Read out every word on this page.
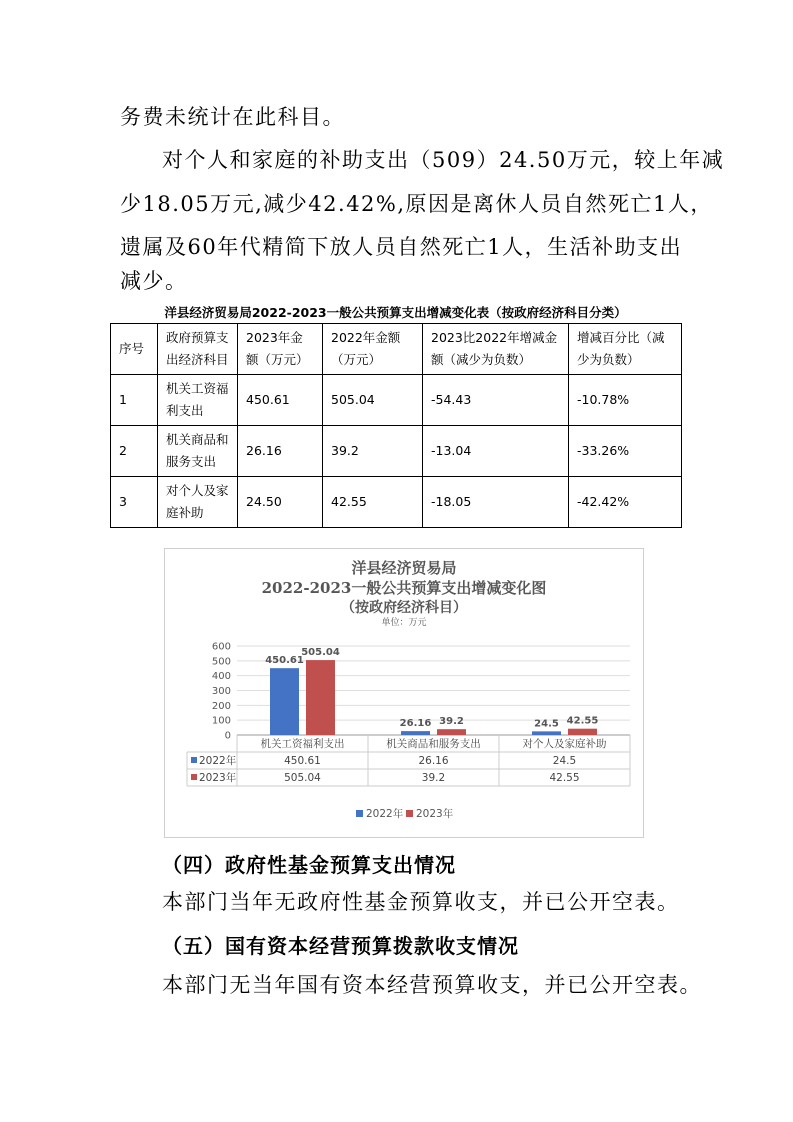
务费未统计在此科目。
对个人和家庭的补助支出（509）24.50万元，较上年减
少18.05万元,减少42.42%,原因是离休人员自然死亡1人，
遗属及60年代精简下放人员自然死亡1人，生活补助支出
减少。
洋县经济贸易局2022-2023一般公共预算支出增减变化表（按政府经济科目分类）
序号	政府预算支出经济科目	2023年金额（万元）	2022年金额（万元）	2023比2022年增减金额（减少为负数）	增减百分比（减少为负数）
1	机关工资福利支出	450.61	505.04	-54.43	-10.78%
2	机关商品和服务支出	26.16	39.2	-13.04	-33.26%
3	对个人及家庭补助	24.50	42.55	-18.05	-42.42%
洋县经济贸易局
2022-2023一般公共预算支出增减变化图
（按政府经济科目）
单位：万元
0
100
200
300
400
500
600
450.61
505.04
26.16 39.2	24.5 42.55
机关工资福利支出	机关商品和服务支出	对个人及家庭补助
2022年	450.61	26.16	24.5
2023年	505.04	39.2	42.55
2022年 2023年
（四）政府性基金预算支出情况
本部门当年无政府性基金预算收支，并已公开空表。
（五）国有资本经营预算拨款收支情况
本部门无当年国有资本经营预算收支，并已公开空表。
